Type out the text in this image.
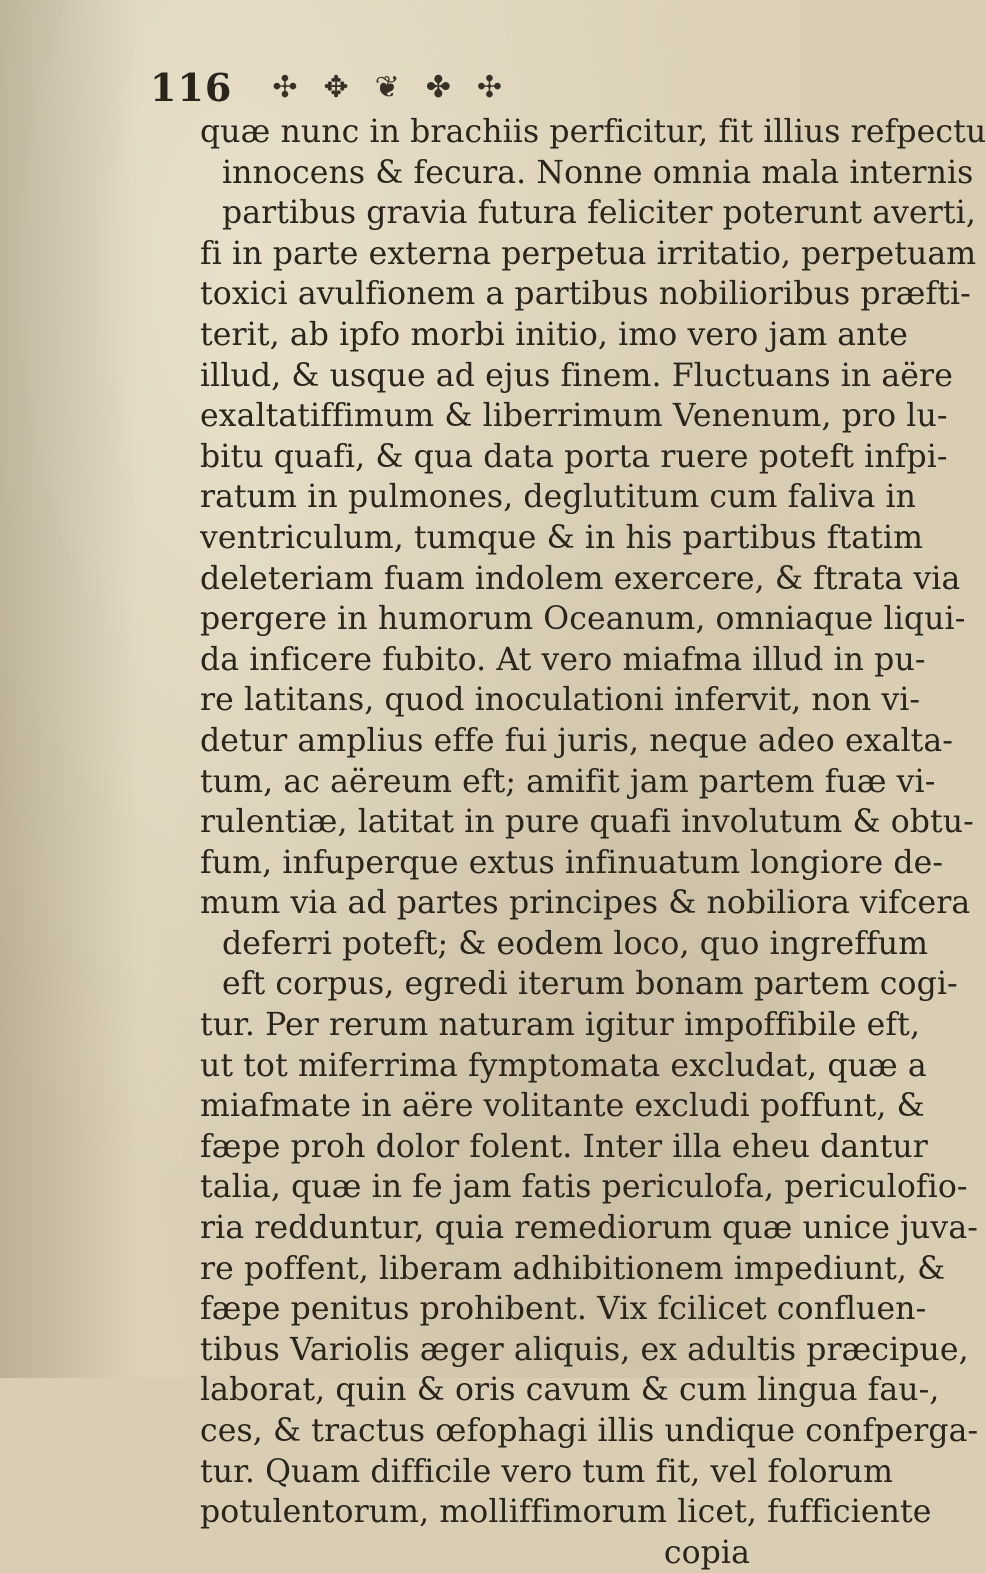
116 ✣ ✥ ❦ ✤ ✣
quæ nunc in brachiis perficitur, fit illius refpectu
innocens & fecura. Nonne omnia mala internis
partibus gravia futura feliciter poterunt averti,
fi in parte externa perpetua irritatio, perpetuam
toxici avulfionem a partibus nobilioribus præfti-
terit, ab ipfo morbi initio, imo vero jam ante
illud, & usque ad ejus finem. Fluctuans in aëre
exaltatiffimum & liberrimum Venenum, pro lu-
bitu quafi, & qua data porta ruere poteft infpi-
ratum in pulmones, deglutitum cum faliva in
ventriculum, tumque & in his partibus ftatim
deleteriam fuam indolem exercere, & ftrata via
pergere in humorum Oceanum, omniaque liqui-
da inficere fubito. At vero miafma illud in pu-
re latitans, quod inoculationi infervit, non vi-
detur amplius effe fui juris, neque adeo exalta-
tum, ac aëreum eft; amifit jam partem fuæ vi-
rulentiæ, latitat in pure quafi involutum & obtu-
fum, infuperque extus infinuatum longiore de-
mum via ad partes principes & nobiliora vifcera
deferri poteft; & eodem loco, quo ingreffum
eft corpus, egredi iterum bonam partem cogi-
tur. Per rerum naturam igitur impoffibile eft,
ut tot miferrima fymptomata excludat, quæ a
miafmate in aëre volitante excludi poffunt, &
fæpe proh dolor folent. Inter illa eheu dantur
talia, quæ in fe jam fatis periculofa, periculofio-
ria redduntur, quia remediorum quæ unice juva-
re poffent, liberam adhibitionem impediunt, &
fæpe penitus prohibent. Vix fcilicet confluen-
tibus Variolis æger aliquis, ex adultis præcipue,
laborat, quin & oris cavum & cum lingua fau-,
ces, & tractus œfophagi illis undique confperga-
tur. Quam difficile vero tum fit, vel folorum
potulentorum, molliffimorum licet, fufficiente
copia
